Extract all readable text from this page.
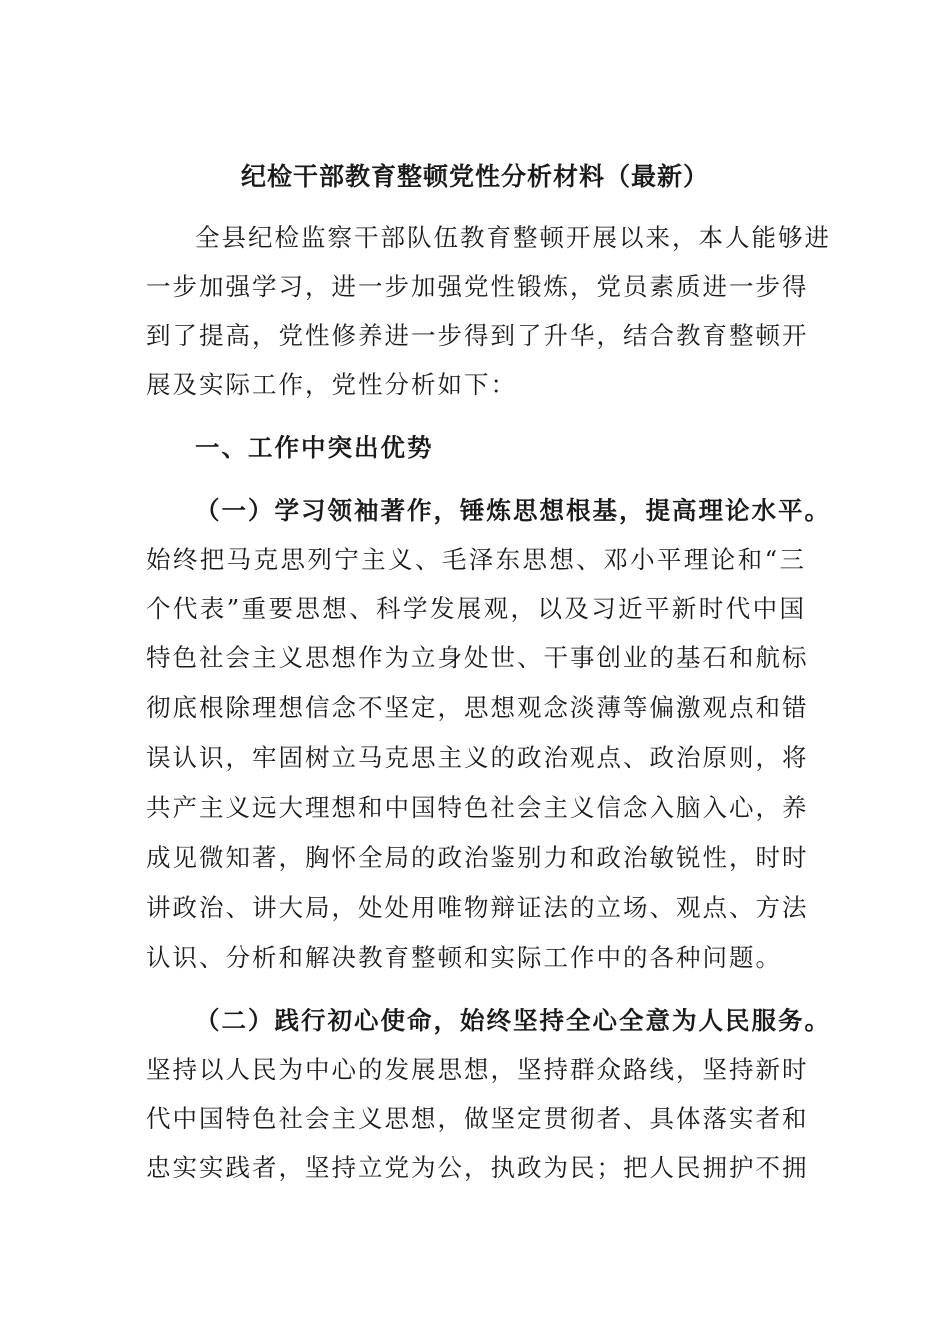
纪检干部教育整顿党性分析材料（最新）
全县纪检监察干部队伍教育整顿开展以来，本人能够进
一步加强学习，进一步加强党性锻炼，党员素质进一步得
到了提高，党性修养进一步得到了升华，结合教育整顿开
展及实际工作，党性分析如下：
一、工作中突出优势
（一）学习领袖著作，锤炼思想根基，提高理论水平。
始终把马克思列宁主义、毛泽东思想、邓小平理论和“三
个代表”重要思想、科学发展观，以及习近平新时代中国
特色社会主义思想作为立身处世、干事创业的基石和航标
彻底根除理想信念不坚定，思想观念淡薄等偏激观点和错
误认识，牢固树立马克思主义的政治观点、政治原则，将
共产主义远大理想和中国特色社会主义信念入脑入心，养
成见微知著，胸怀全局的政治鉴别力和政治敏锐性，时时
讲政治、讲大局，处处用唯物辩证法的立场、观点、方法
认识、分析和解决教育整顿和实际工作中的各种问题。
（二）践行初心使命，始终坚持全心全意为人民服务。
坚持以人民为中心的发展思想，坚持群众路线，坚持新时
代中国特色社会主义思想，做坚定贯彻者、具体落实者和
忠实实践者，坚持立党为公，执政为民；把人民拥护不拥
